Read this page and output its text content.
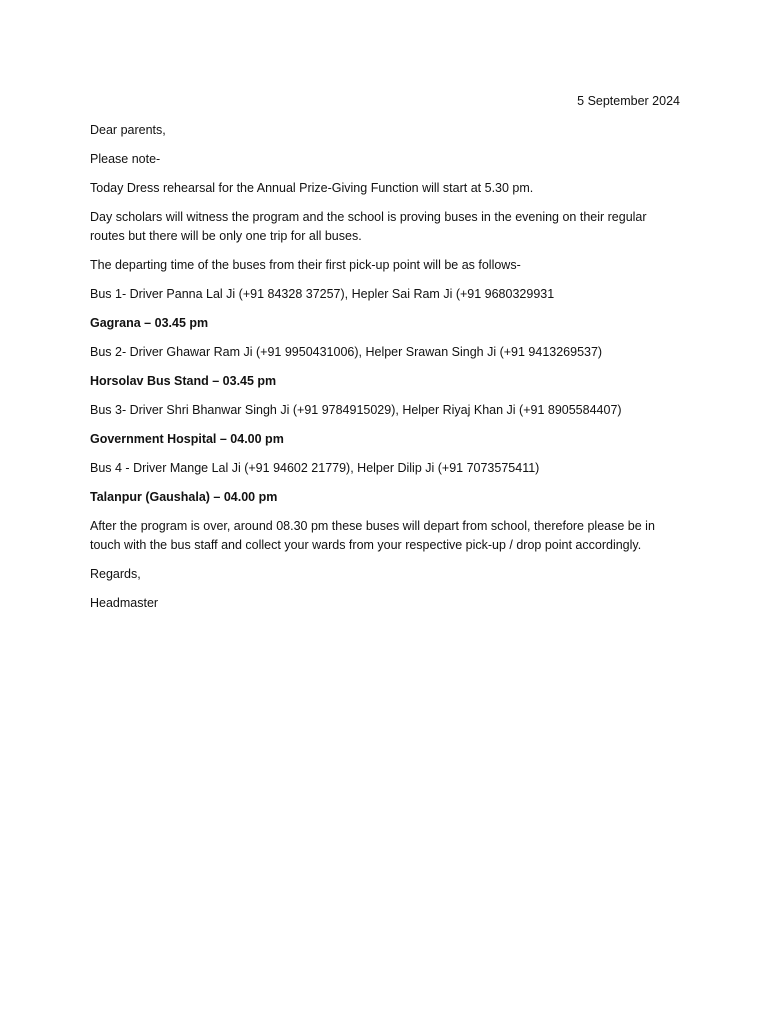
5 September 2024

Dear parents,

Please note-

Today Dress rehearsal for the Annual Prize-Giving Function will start at 5.30 pm.

Day scholars will witness the program and the school is proving buses in the evening on their regular routes but there will be only one trip for all buses.

The departing time of the buses from their first pick-up point will be as follows-

Bus 1- Driver Panna Lal Ji (+91 84328 37257), Hepler Sai Ram Ji (+91 9680329931

Gagrana – 03.45 pm

Bus 2- Driver Ghawar Ram Ji (+91 9950431006), Helper Srawan Singh Ji (+91 9413269537)

Horsolav Bus Stand – 03.45 pm

Bus 3- Driver Shri Bhanwar Singh Ji (+91 9784915029), Helper Riyaj Khan Ji (+91 8905584407)

Government Hospital – 04.00 pm

Bus 4 - Driver Mange Lal Ji (+91 94602 21779), Helper Dilip Ji (+91 7073575411)

Talanpur (Gaushala) – 04.00 pm

After the program is over, around 08.30 pm these buses will depart from school, therefore please be in touch with the bus staff and collect your wards from your respective pick-up / drop point accordingly.

Regards,

Headmaster
